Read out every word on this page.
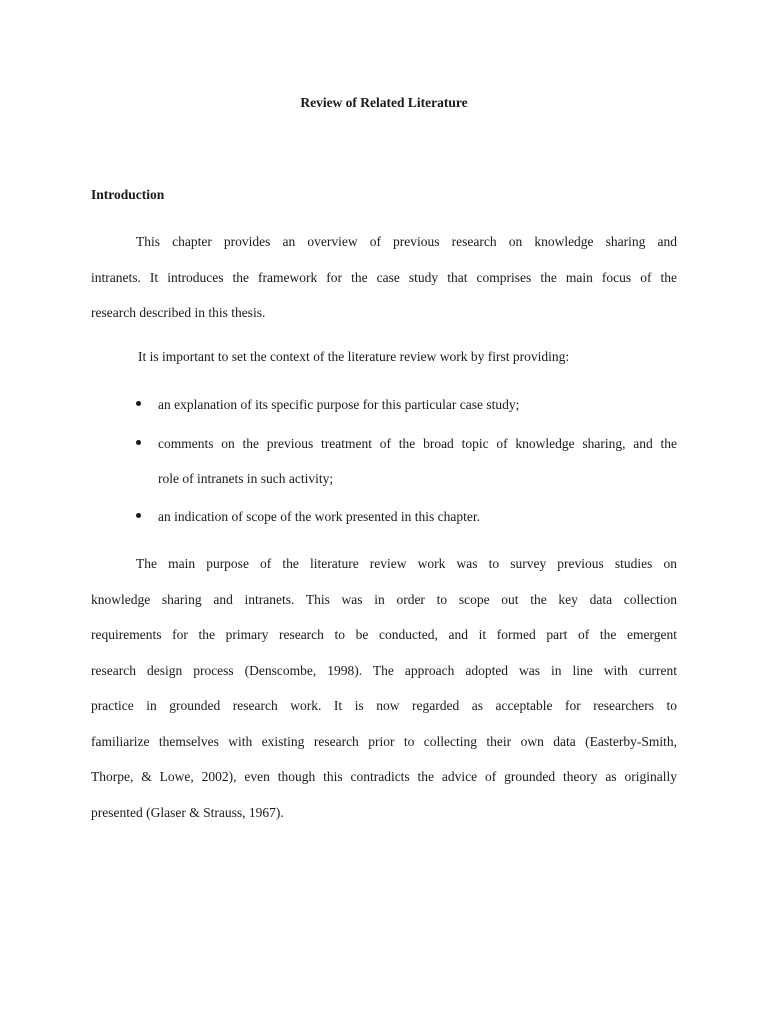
Review of Related Literature
Introduction
This chapter provides an overview of previous research on knowledge sharing and
intranets. It introduces the framework for the case study that comprises the main focus of the
research described in this thesis.

It is important to set the context of the literature review work by first providing:

an explanation of its specific purpose for this particular case study;
comments on the previous treatment of the broad topic of knowledge sharing, and the
role of intranets in such activity;
an indication of scope of the work presented in this chapter.
The main purpose of the literature review work was to survey previous studies on
knowledge sharing and intranets. This was in order to scope out the key data collection
requirements for the primary research to be conducted, and it formed part of the emergent
research design process (Denscombe, 1998). The approach adopted was in line with current
practice in grounded research work. It is now regarded as acceptable for researchers to
familiarize themselves with existing research prior to collecting their own data (Easterby-Smith,
Thorpe, & Lowe, 2002), even though this contradicts the advice of grounded theory as originally
presented (Glaser & Strauss, 1967).
